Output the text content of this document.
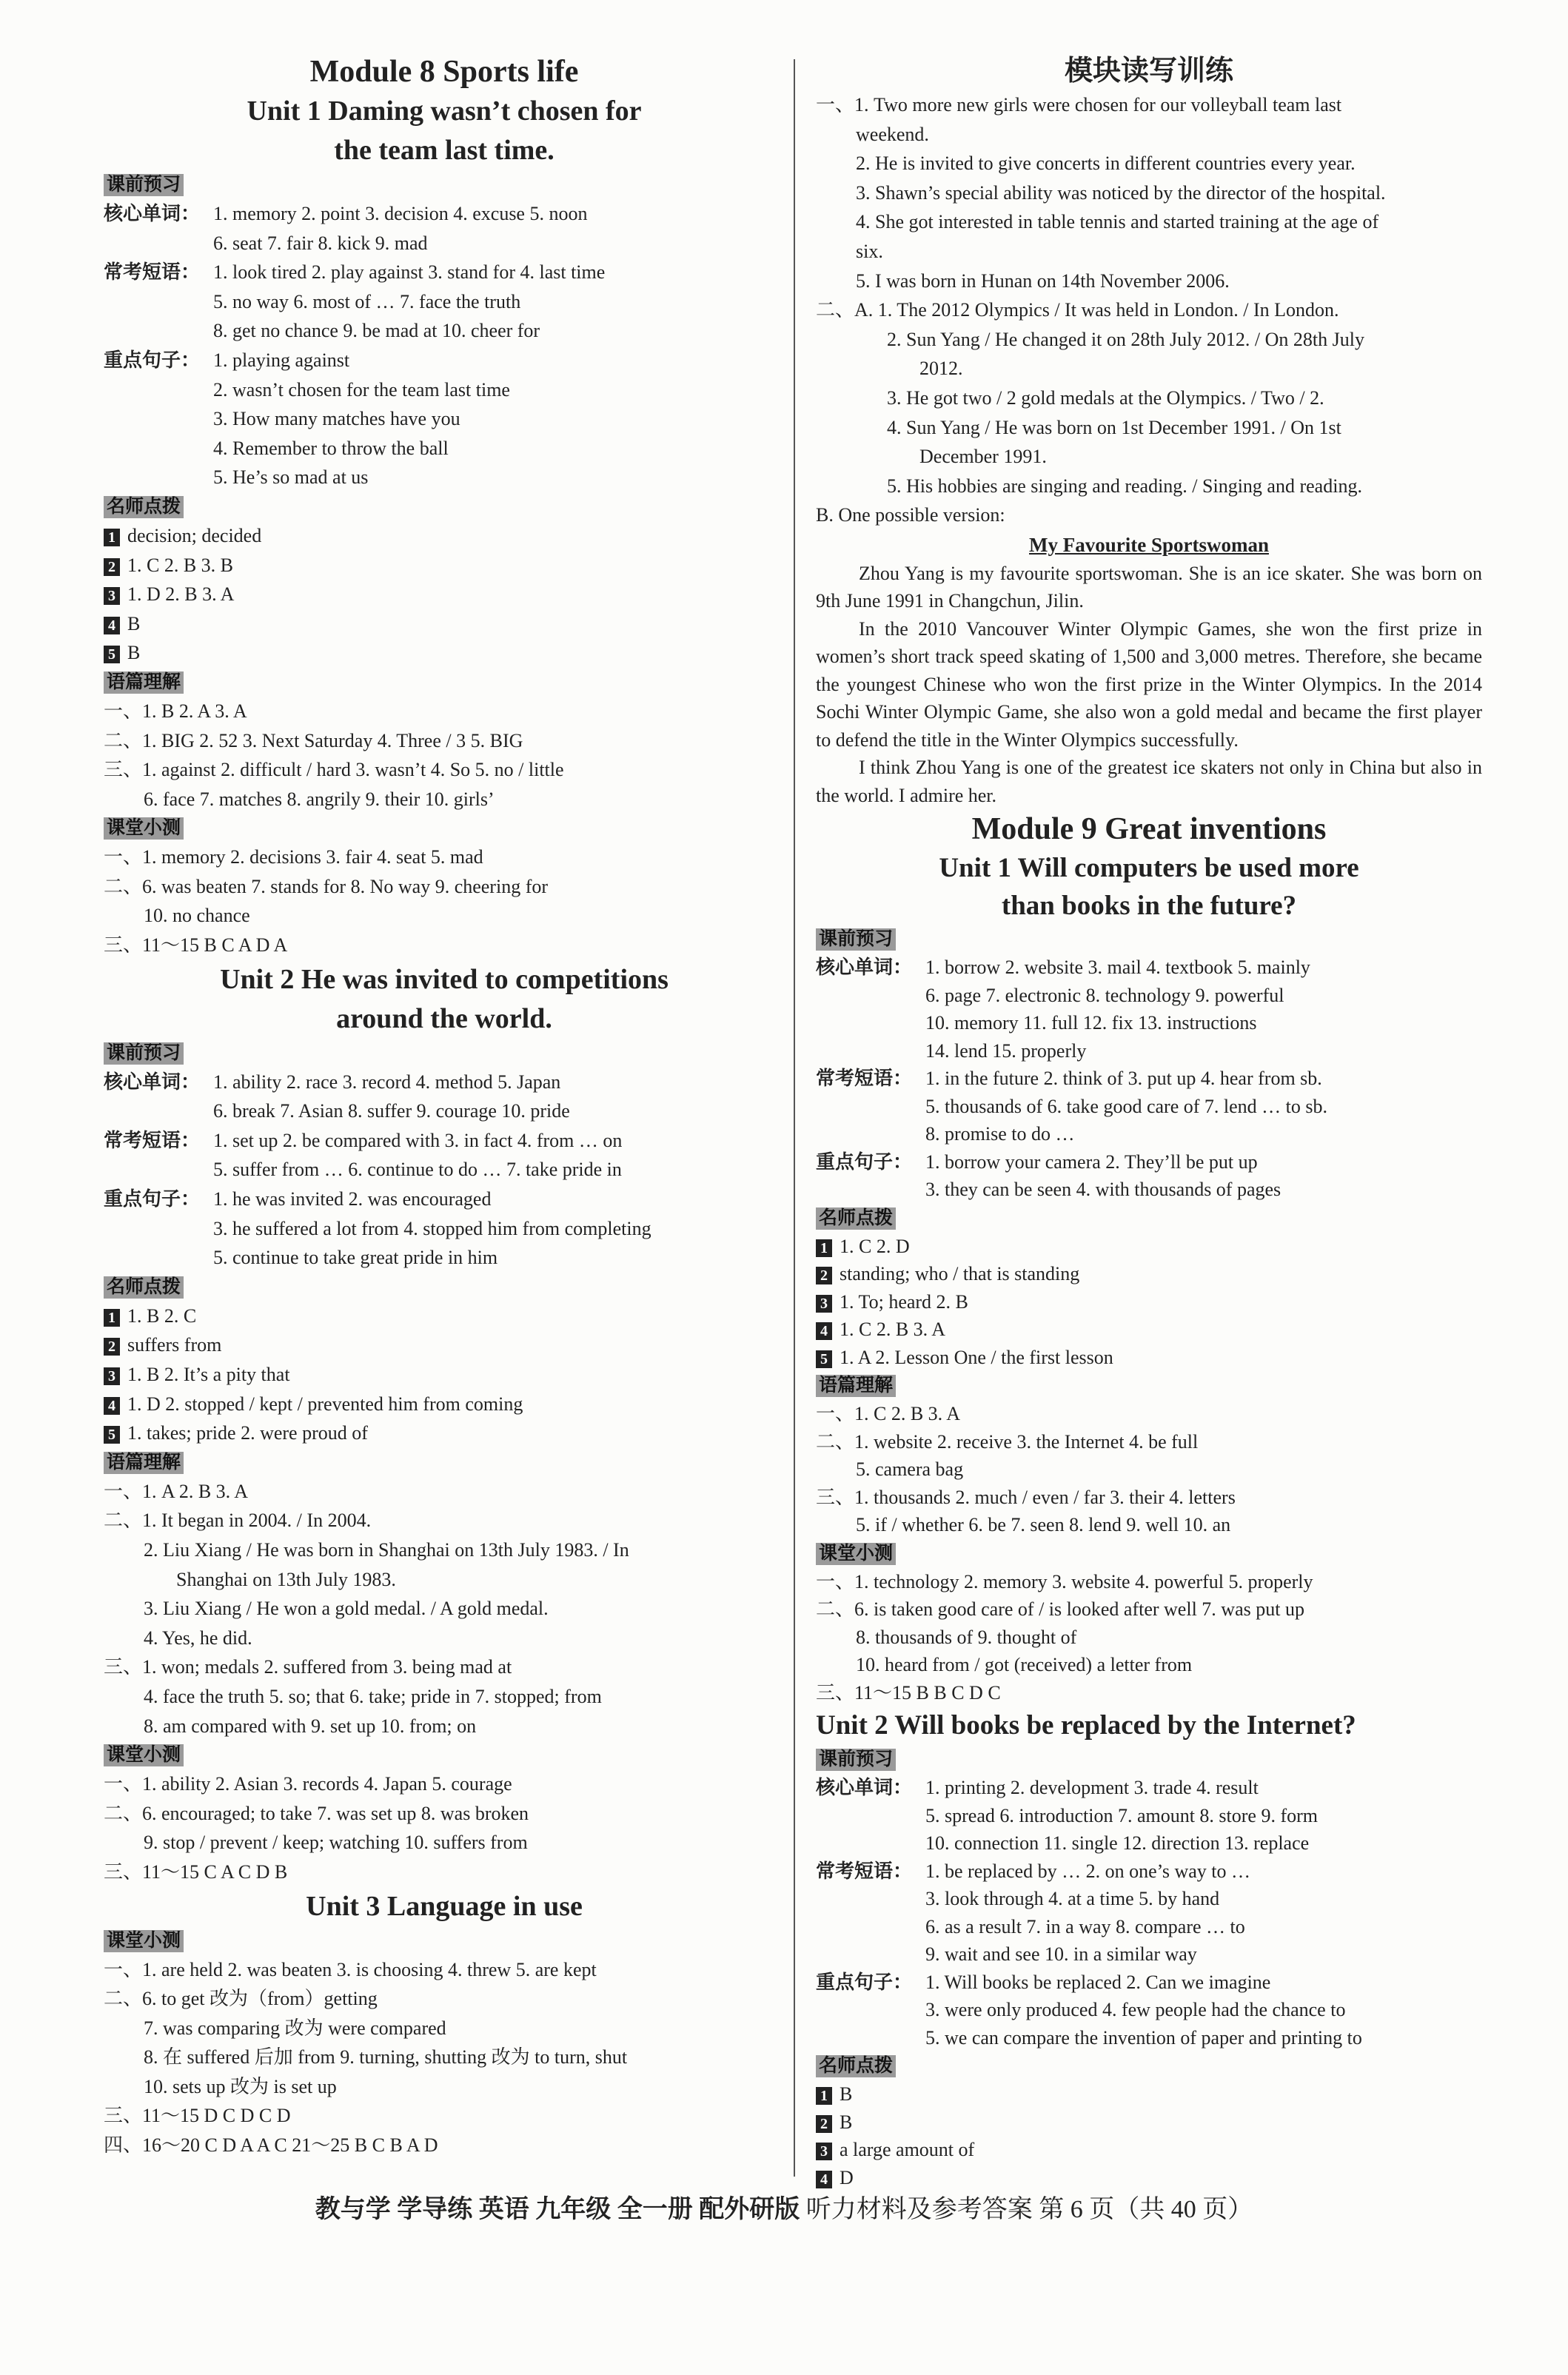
Module 8 Sports life
Unit 1 Daming wasn’t chosen for
the team last time.
课前预习
核心单词： 1. memory 2. point 3. decision 4. excuse 5. noon
6. seat 7. fair 8. kick 9. mad
常考短语： 1. look tired 2. play against 3. stand for 4. last time
5. no way 6. most of … 7. face the truth
8. get no chance 9. be mad at 10. cheer for
重点句子： 1. playing against
2. wasn’t chosen for the team last time
3. How many matches have you
4. Remember to throw the ball
5. He’s so mad at us
名师点拨
1 decision; decided
2 1. C 2. B 3. B
3 1. D 2. B 3. A
4 B
5 B
语篇理解
一、1. B 2. A 3. A
二、1. BIG 2. 52 3. Next Saturday 4. Three / 3 5. BIG
三、1. against 2. difficult / hard 3. wasn’t 4. So 5. no / little
6. face 7. matches 8. angrily 9. their 10. girls’
课堂小测
一、1. memory 2. decisions 3. fair 4. seat 5. mad
二、6. was beaten 7. stands for 8. No way 9. cheering for
10. no chance
三、11～15 B C A D A
Unit 2 He was invited to competitions
around the world.
课前预习
核心单词： 1. ability 2. race 3. record 4. method 5. Japan
6. break 7. Asian 8. suffer 9. courage 10. pride
常考短语： 1. set up 2. be compared with 3. in fact 4. from … on
5. suffer from … 6. continue to do … 7. take pride in
重点句子： 1. he was invited 2. was encouraged
3. he suffered a lot from 4. stopped him from completing
5. continue to take great pride in him
名师点拨
1 1. B 2. C
2 suffers from
3 1. B 2. It’s a pity that
4 1. D 2. stopped / kept / prevented him from coming
5 1. takes; pride 2. were proud of
语篇理解
一、1. A 2. B 3. A
二、1. It began in 2004. / In 2004.
2. Liu Xiang / He was born in Shanghai on 13th July 1983. / In
Shanghai on 13th July 1983.
3. Liu Xiang / He won a gold medal. / A gold medal.
4. Yes, he did.
三、1. won; medals 2. suffered from 3. being mad at
4. face the truth 5. so; that 6. take; pride in 7. stopped; from
8. am compared with 9. set up 10. from; on
课堂小测
一、1. ability 2. Asian 3. records 4. Japan 5. courage
二、6. encouraged; to take 7. was set up 8. was broken
9. stop / prevent / keep; watching 10. suffers from
三、11～15 C A C D B
Unit 3 Language in use
课堂小测
一、1. are held 2. was beaten 3. is choosing 4. threw 5. are kept
二、6. to get 改为（from）getting
7. was comparing 改为 were compared
8. 在 suffered 后加 from 9. turning, shutting 改为 to turn, shut
10. sets up 改为 is set up
三、11～15 D C D C D
四、16～20 C D A A C 21～25 B C B A D
模块读写训练
一、1. Two more new girls were chosen for our volleyball team last
weekend.
2. He is invited to give concerts in different countries every year.
3. Shawn’s special ability was noticed by the director of the hospital.
4. She got interested in table tennis and started training at the age of
six.
5. I was born in Hunan on 14th November 2006.
二、A. 1. The 2012 Olympics / It was held in London. / In London.
2. Sun Yang / He changed it on 28th July 2012. / On 28th July
2012.
3. He got two / 2 gold medals at the Olympics. / Two / 2.
4. Sun Yang / He was born on 1st December 1991. / On 1st
December 1991.
5. His hobbies are singing and reading. / Singing and reading.
B. One possible version:
My Favourite Sportswoman
Zhou Yang is my favourite sportswoman. She is an ice skater. She was born on 9th June 1991 in Changchun, Jilin.
In the 2010 Vancouver Winter Olympic Games, she won the first prize in women’s short track speed skating of 1,500 and 3,000 metres. Therefore, she became the youngest Chinese who won the first prize in the Winter Olympics. In the 2014 Sochi Winter Olympic Game, she also won a gold medal and became the first player to defend the title in the Winter Olympics successfully.
I think Zhou Yang is one of the greatest ice skaters not only in China but also in the world. I admire her.
Module 9 Great inventions
Unit 1 Will computers be used more
than books in the future?
课前预习
核心单词： 1. borrow 2. website 3. mail 4. textbook 5. mainly
6. page 7. electronic 8. technology 9. powerful
10. memory 11. full 12. fix 13. instructions
14. lend 15. properly
常考短语： 1. in the future 2. think of 3. put up 4. hear from sb.
5. thousands of 6. take good care of 7. lend … to sb.
8. promise to do …
重点句子： 1. borrow your camera 2. They’ll be put up
3. they can be seen 4. with thousands of pages
名师点拨
1 1. C 2. D
2 standing; who / that is standing
3 1. To; heard 2. B
4 1. C 2. B 3. A
5 1. A 2. Lesson One / the first lesson
语篇理解
一、1. C 2. B 3. A
二、1. website 2. receive 3. the Internet 4. be full
5. camera bag
三、1. thousands 2. much / even / far 3. their 4. letters
5. if / whether 6. be 7. seen 8. lend 9. well 10. an
课堂小测
一、1. technology 2. memory 3. website 4. powerful 5. properly
二、6. is taken good care of / is looked after well 7. was put up
8. thousands of 9. thought of
10. heard from / got (received) a letter from
三、11～15 B B C D C
Unit 2 Will books be replaced by the Internet?
课前预习
核心单词： 1. printing 2. development 3. trade 4. result
5. spread 6. introduction 7. amount 8. store 9. form
10. connection 11. single 12. direction 13. replace
常考短语： 1. be replaced by … 2. on one’s way to …
3. look through 4. at a time 5. by hand
6. as a result 7. in a way 8. compare … to
9. wait and see 10. in a similar way
重点句子： 1. Will books be replaced 2. Can we imagine
3. were only produced 4. few people had the chance to
5. we can compare the invention of paper and printing to
名师点拨
1 B
2 B
3 a large amount of
4 D
教与学 学导练 英语 九年级 全一册 配外研版 听力材料及参考答案 第 6 页（共 40 页）
